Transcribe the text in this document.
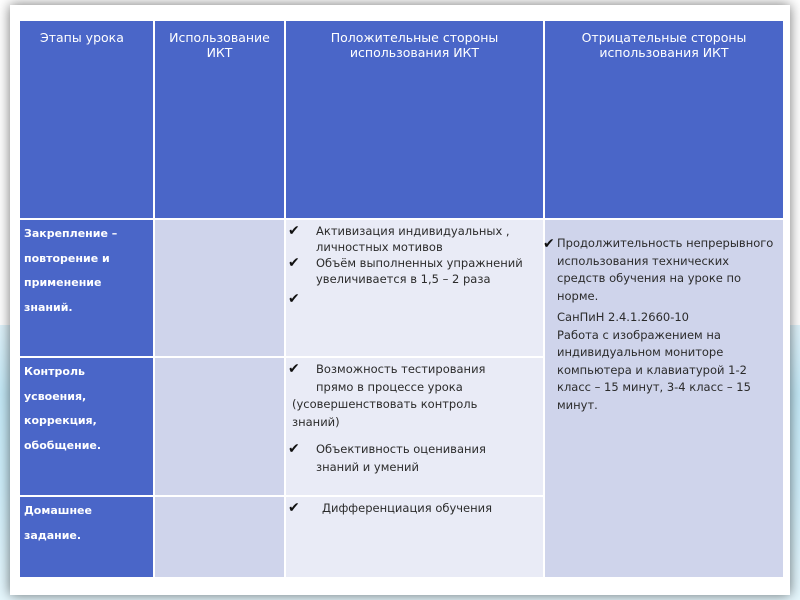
Этапы урока	Использование ИКТ
Положительные стороны использования ИКТ
Отрицательные стороны использования ИКТ
Закрепление – повторение и применение знаний.
✔ Активизация индивидуальных , личностных мотивов
✔ Объём выполненных упражнений увеличивается в 1,5 – 2 раза
✔
✔ Продолжительность непрерывного использования технических средств обучения на уроке по норме.

СанПиН 2.4.1.2660-10

Работа с изображением на индивидуальном мониторе компьютера и клавиатурой 1-2 класс – 15 минут, 3-4 класс – 15 минут.

Контроль усвоения, коррекция, обобщение.
✔ Возможность тестирования прямо в процессе урока

(усовершенствовать контроль знаний)

✔ Объективность оценивания знаний и умений
Домашнее задание.
✔ Дифференциация обучения
